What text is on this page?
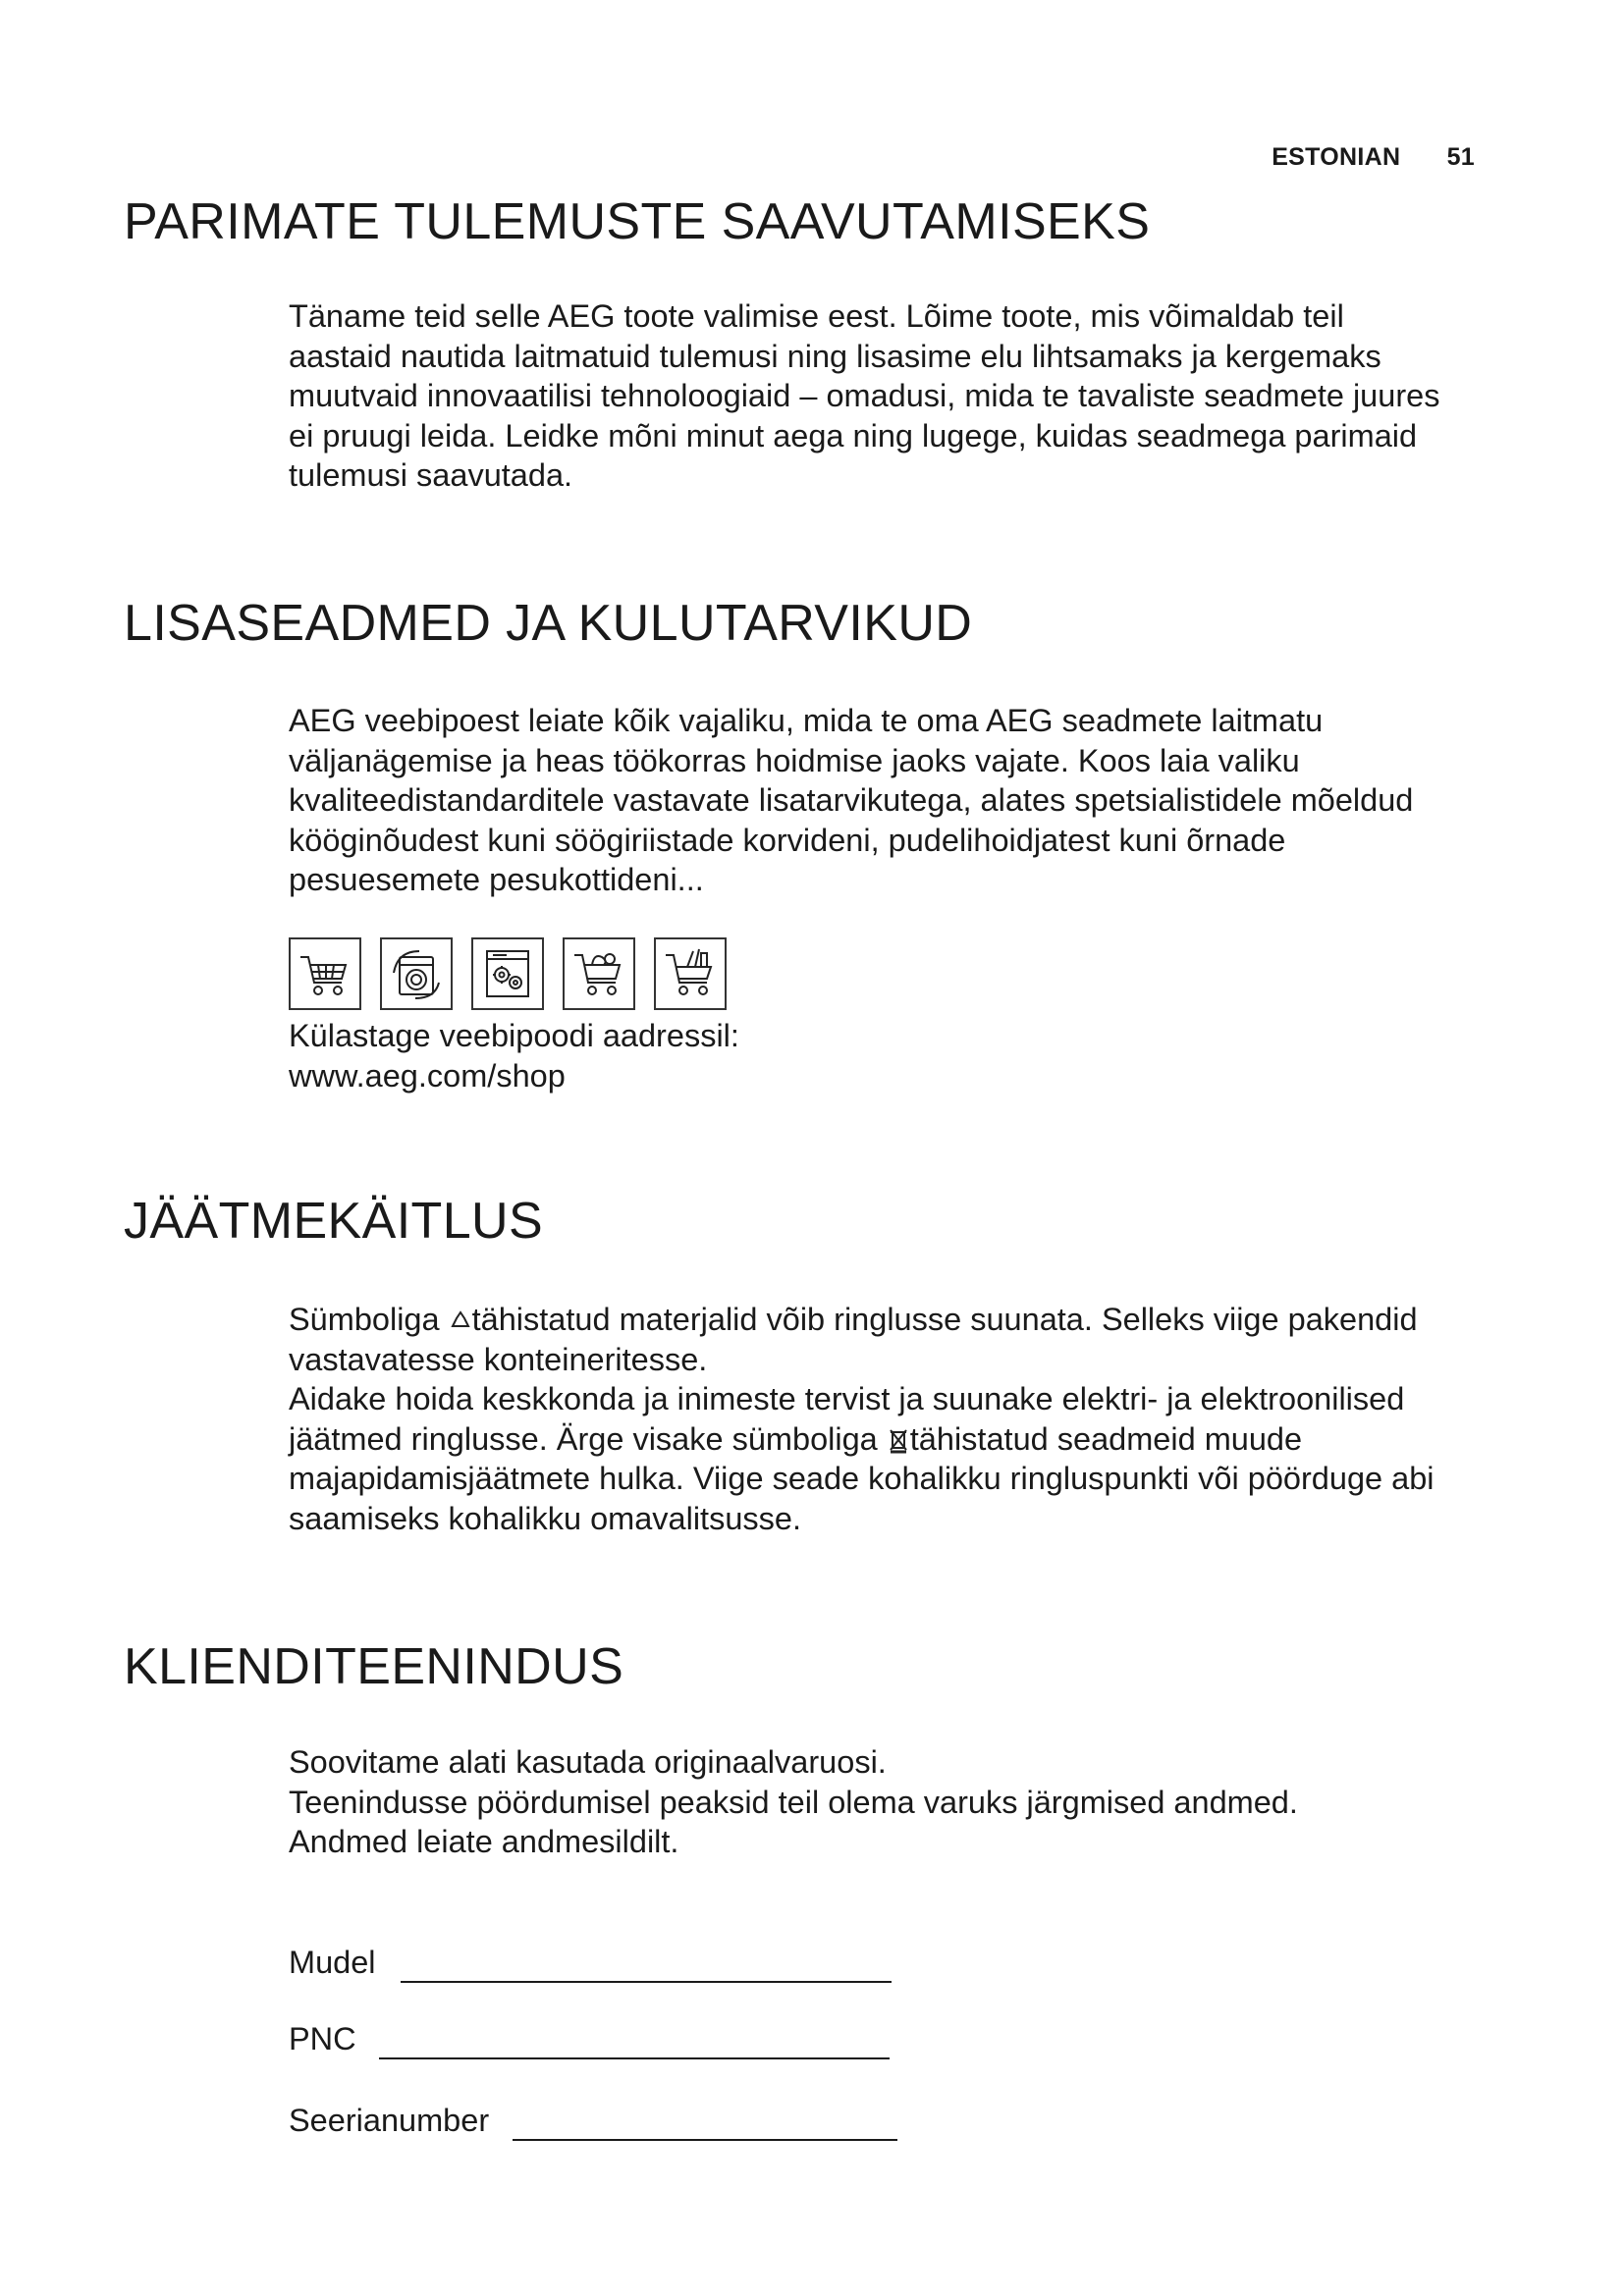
ESTONIAN 51
PARIMATE TULEMUSTE SAAVUTAMISEKS
Täname teid selle AEG toote valimise eest. Lõime toote, mis võimaldab teil
aastaid nautida laitmatuid tulemusi ning lisasime elu lihtsamaks ja kergemaks
muutvaid innovaatilisi tehnoloogiaid – omadusi, mida te tavaliste seadmete juures
ei pruugi leida. Leidke mõni minut aega ning lugege, kuidas seadmega parimaid
tulemusi saavutada.
LISASEADMED JA KULUTARVIKUD
AEG veebipoest leiate kõik vajaliku, mida te oma AEG seadmete laitmatu
väljanägemise ja heas töökorras hoidmise jaoks vajate. Koos laia valiku
kvaliteedistandarditele vastavate lisatarvikutega, alates spetsialistidele mõeldud
kööginõudest kuni söögiriistade korvideni, pudelihoidjatest kuni õrnade
pesuesemete pesukottideni...
Külastage veebipoodi aadressil:
www.aeg.com/shop
JÄÄTMEKÄITLUS
Sümboliga tähistatud materjalid võib ringlusse suunata. Selleks viige pakendid
vastavatesse konteineritesse.
Aidake hoida keskkonda ja inimeste tervist ja suunake elektri- ja elektroonilised
jäätmed ringlusse. Ärge visake sümboliga tähistatud seadmeid muude
majapidamisjäätmete hulka. Viige seade kohalikku ringluspunkti või pöörduge abi
saamiseks kohalikku omavalitsusse.
KLIENDITEENINDUS
Soovitame alati kasutada originaalvaruosi.
Teenindusse pöördumisel peaksid teil olema varuks järgmised andmed.
Andmed leiate andmesildilt.
Mudel
PNC
Seerianumber
